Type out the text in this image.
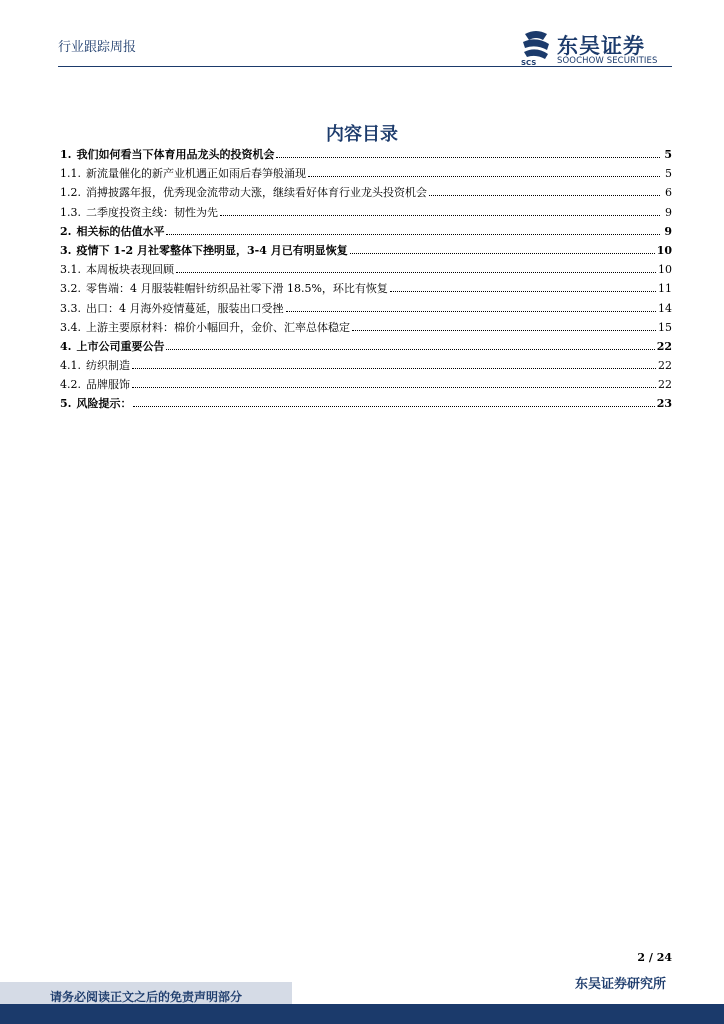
行业跟踪周报
SCS
东吴证券
SOOCHOW SECURITIES
内容目录
1. 我们如何看当下体育用品龙头的投资机会	5
1.1. 新流量催化的新产业机遇正如雨后春笋般涌现	5
1.2. 消搏披露年报，优秀现金流带动大涨，继续看好体育行业龙头投资机会	6
1.3. 二季度投资主线：韧性为先	9
2. 相关标的估值水平	9
3. 疫情下 1-2 月社零整体下挫明显，3-4 月已有明显恢复	10
3.1. 本周板块表现回顾	10
3.2. 零售端：4 月服装鞋帽针纺织品社零下滑 18.5%，环比有恢复	11
3.3. 出口：4 月海外疫情蔓延，服装出口受挫	14
3.4. 上游主要原材料：棉价小幅回升，金价、汇率总体稳定	15
4. 上市公司重要公告	22
4.1. 纺织制造	22
4.2. 品牌服饰	22
5. 风险提示：	23
2 / 24
东吴证券研究所
请务必阅读正文之后的免责声明部分
